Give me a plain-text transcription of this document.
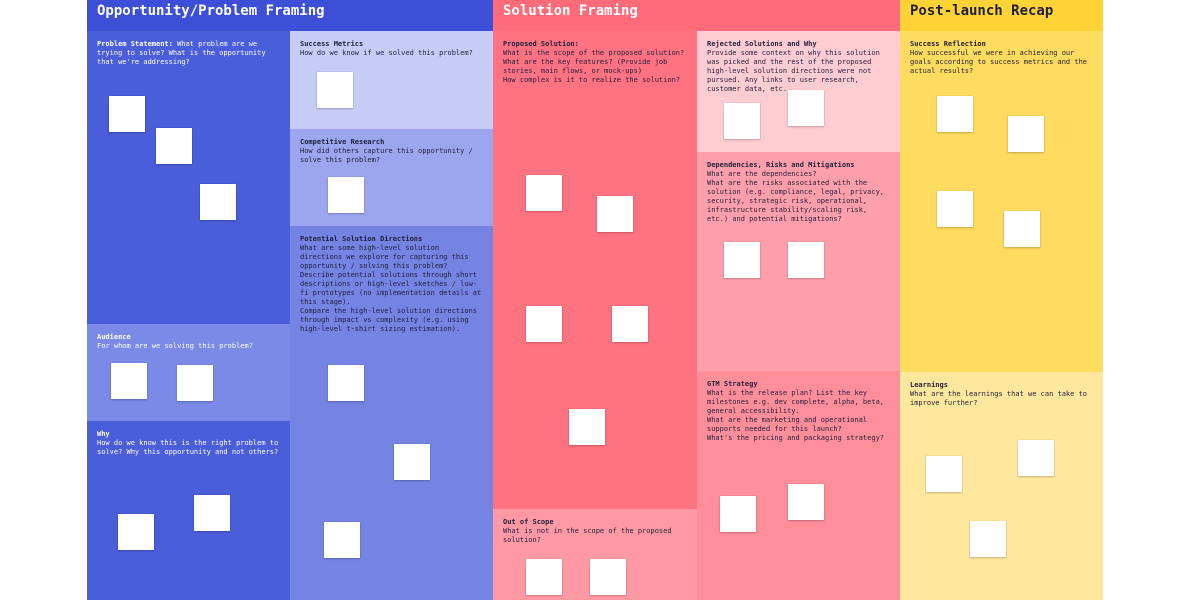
Opportunity/Problem Framing	Solution Framing	Post-launch Recap
Problem Statement: What problem are we trying to solve? What is the opportunity that we're addressing?
Audience
For whom are we solving this problem?
Why
How do we know this is the right problem to solve? Why this opportunity and not others?
Success Metrics
How do we know if we solved this problem?
Competitive Research
How did others capture this opportunity / solve this problem?
Potential Solution Directions
What are some high-level solution directions we explore for capturing this opportunity / solving this problem? Describe potential solutions through short descriptions or high-level sketches / low-fi prototypes (no implementation details at this stage).
Compare the high-level solution directions through impact vs complexity (e.g. using high-level t-shirt sizing estimation).
Proposed Solution:
What is the scope of the proposed solution?
What are the key features? (Provide job stories, main flows, or mock-ups)
How complex is it to realize the solution?
Out of Scope
What is not in the scope of the proposed solution?
Rejected Solutions and Why
Provide some context on why this solution was picked and the rest of the proposed high-level solution directions were not pursued. Any links to user research, customer data, etc.
Dependencies, Risks and Mitigations
What are the dependencies?
What are the risks associated with the solution (e.g. compliance, legal, privacy, security, strategic risk, operational, infrastructure stability/scaling risk, etc.) and potential mitigations?
GTM Strategy
What is the release plan? List the key milestones e.g. dev complete, alpha, beta, general accessibility.
What are the marketing and operational supports needed for this launch?
What's the pricing and packaging strategy?
Success Reflection
How successful we were in achieving our goals according to success metrics and the actual results?
Learnings
What are the learnings that we can take to improve further?
